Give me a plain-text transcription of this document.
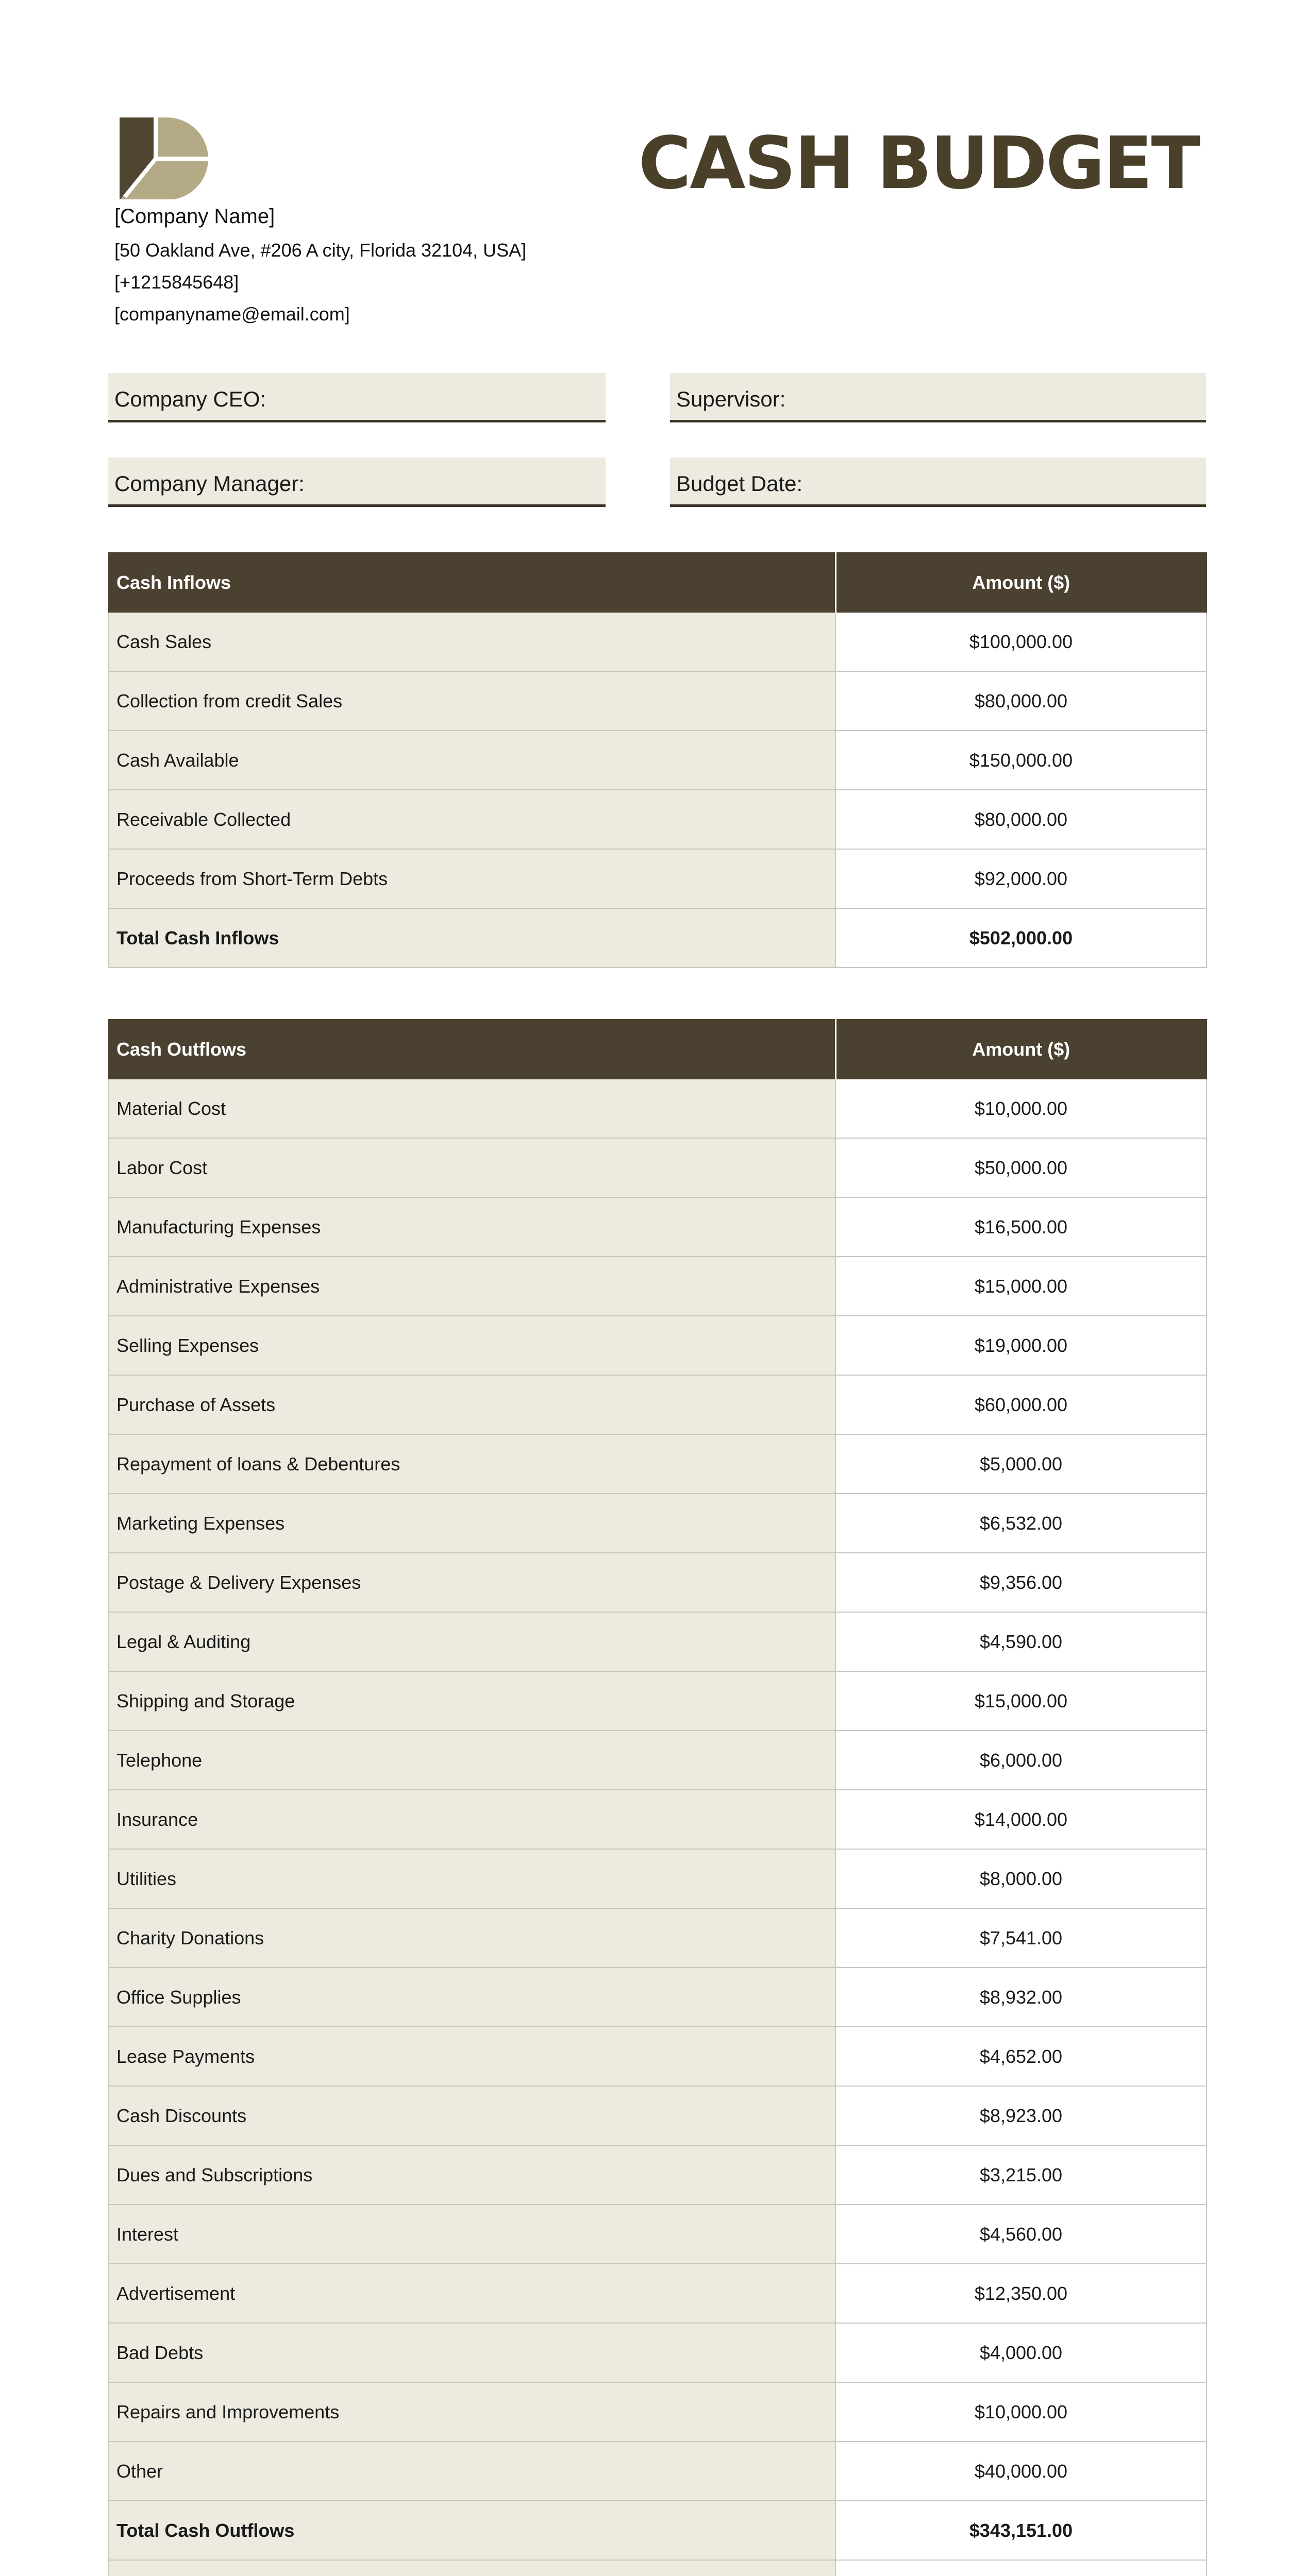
CASH BUDGET
[Company Name]
[50 Oakland Ave, #206 A city, Florida 32104, USA]
[+1215845648]
[companyname@email.com]
Company CEO:	Supervisor:
Company Manager:	Budget Date:
Cash Inflows	Amount ($)
Cash Sales	$100,000.00
Collection from credit Sales	$80,000.00
Cash Available	$150,000.00
Receivable Collected	$80,000.00
Proceeds from Short-Term Debts	$92,000.00
Total Cash Inflows	$502,000.00
Cash Outflows	Amount ($)
Material Cost	$10,000.00
Labor Cost	$50,000.00
Manufacturing Expenses	$16,500.00
Administrative Expenses	$15,000.00
Selling Expenses	$19,000.00
Purchase of Assets	$60,000.00
Repayment of loans & Debentures	$5,000.00
Marketing Expenses	$6,532.00
Postage & Delivery Expenses	$9,356.00
Legal & Auditing	$4,590.00
Shipping and Storage	$15,000.00
Telephone	$6,000.00
Insurance	$14,000.00
Utilities	$8,000.00
Charity Donations	$7,541.00
Office Supplies	$8,932.00
Lease Payments	$4,652.00
Cash Discounts	$8,923.00
Dues and Subscriptions	$3,215.00
Interest	$4,560.00
Advertisement	$12,350.00
Bad Debts	$4,000.00
Repairs and Improvements	$10,000.00
Other	$40,000.00
Total Cash Outflows	$343,151.00
